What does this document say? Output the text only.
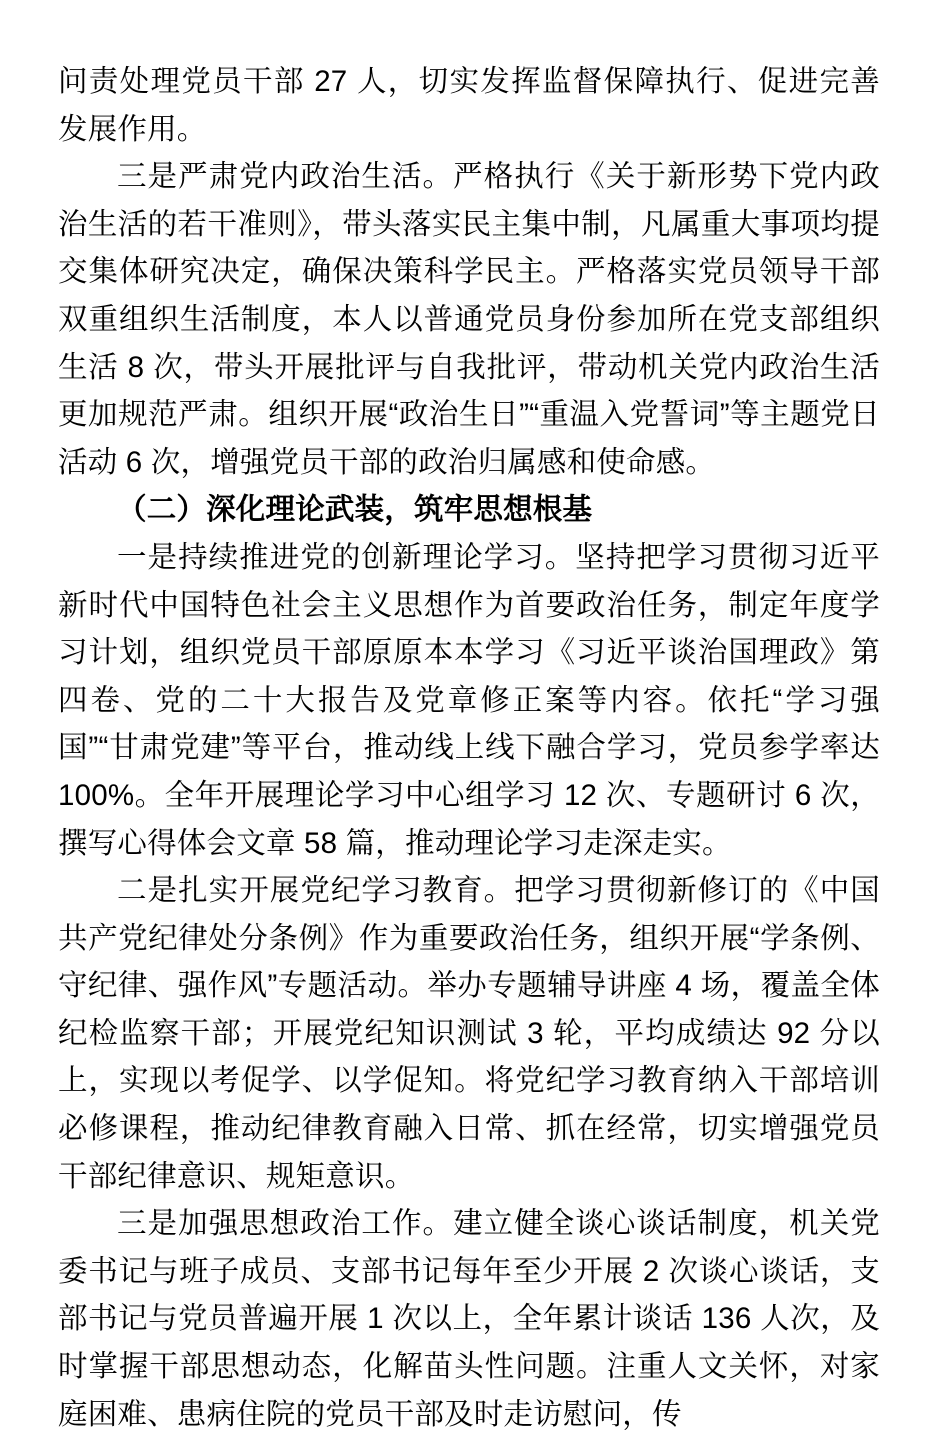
问责处理党员干部 27 人，切实发挥监督保障执行、促进完善发展作用。

三是严肃党内政治生活。严格执行《关于新形势下党内政治生活的若干准则》，带头落实民主集中制，凡属重大事项均提交集体研究决定，确保决策科学民主。严格落实党员领导干部双重组织生活制度，本人以普通党员身份参加所在党支部组织生活 8 次，带头开展批评与自我批评，带动机关党内政治生活更加规范严肃。组织开展“政治生日”“重温入党誓词”等主题党日活动 6 次，增强党员干部的政治归属感和使命感。

（二）深化理论武装，筑牢思想根基

一是持续推进党的创新理论学习。坚持把学习贯彻习近平新时代中国特色社会主义思想作为首要政治任务，制定年度学习计划，组织党员干部原原本本学习《习近平谈治国理政》第四卷、党的二十大报告及党章修正案等内容。依托“学习强国”“甘肃党建”等平台，推动线上线下融合学习，党员参学率达 100%。全年开展理论学习中心组学习 12 次、专题研讨 6 次，撰写心得体会文章 58 篇，推动理论学习走深走实。

二是扎实开展党纪学习教育。把学习贯彻新修订的《中国共产党纪律处分条例》作为重要政治任务，组织开展“学条例、守纪律、强作风”专题活动。举办专题辅导讲座 4 场，覆盖全体纪检监察干部；开展党纪知识测试 3 轮，平均成绩达 92 分以上，实现以考促学、以学促知。将党纪学习教育纳入干部培训必修课程，推动纪律教育融入日常、抓在经常，切实增强党员干部纪律意识、规矩意识。

三是加强思想政治工作。建立健全谈心谈话制度，机关党委书记与班子成员、支部书记每年至少开展 2 次谈心谈话，支部书记与党员普遍开展 1 次以上，全年累计谈话 136 人次，及时掌握干部思想动态，化解苗头性问题。注重人文关怀，对家庭困难、患病住院的党员干部及时走访慰问，传
